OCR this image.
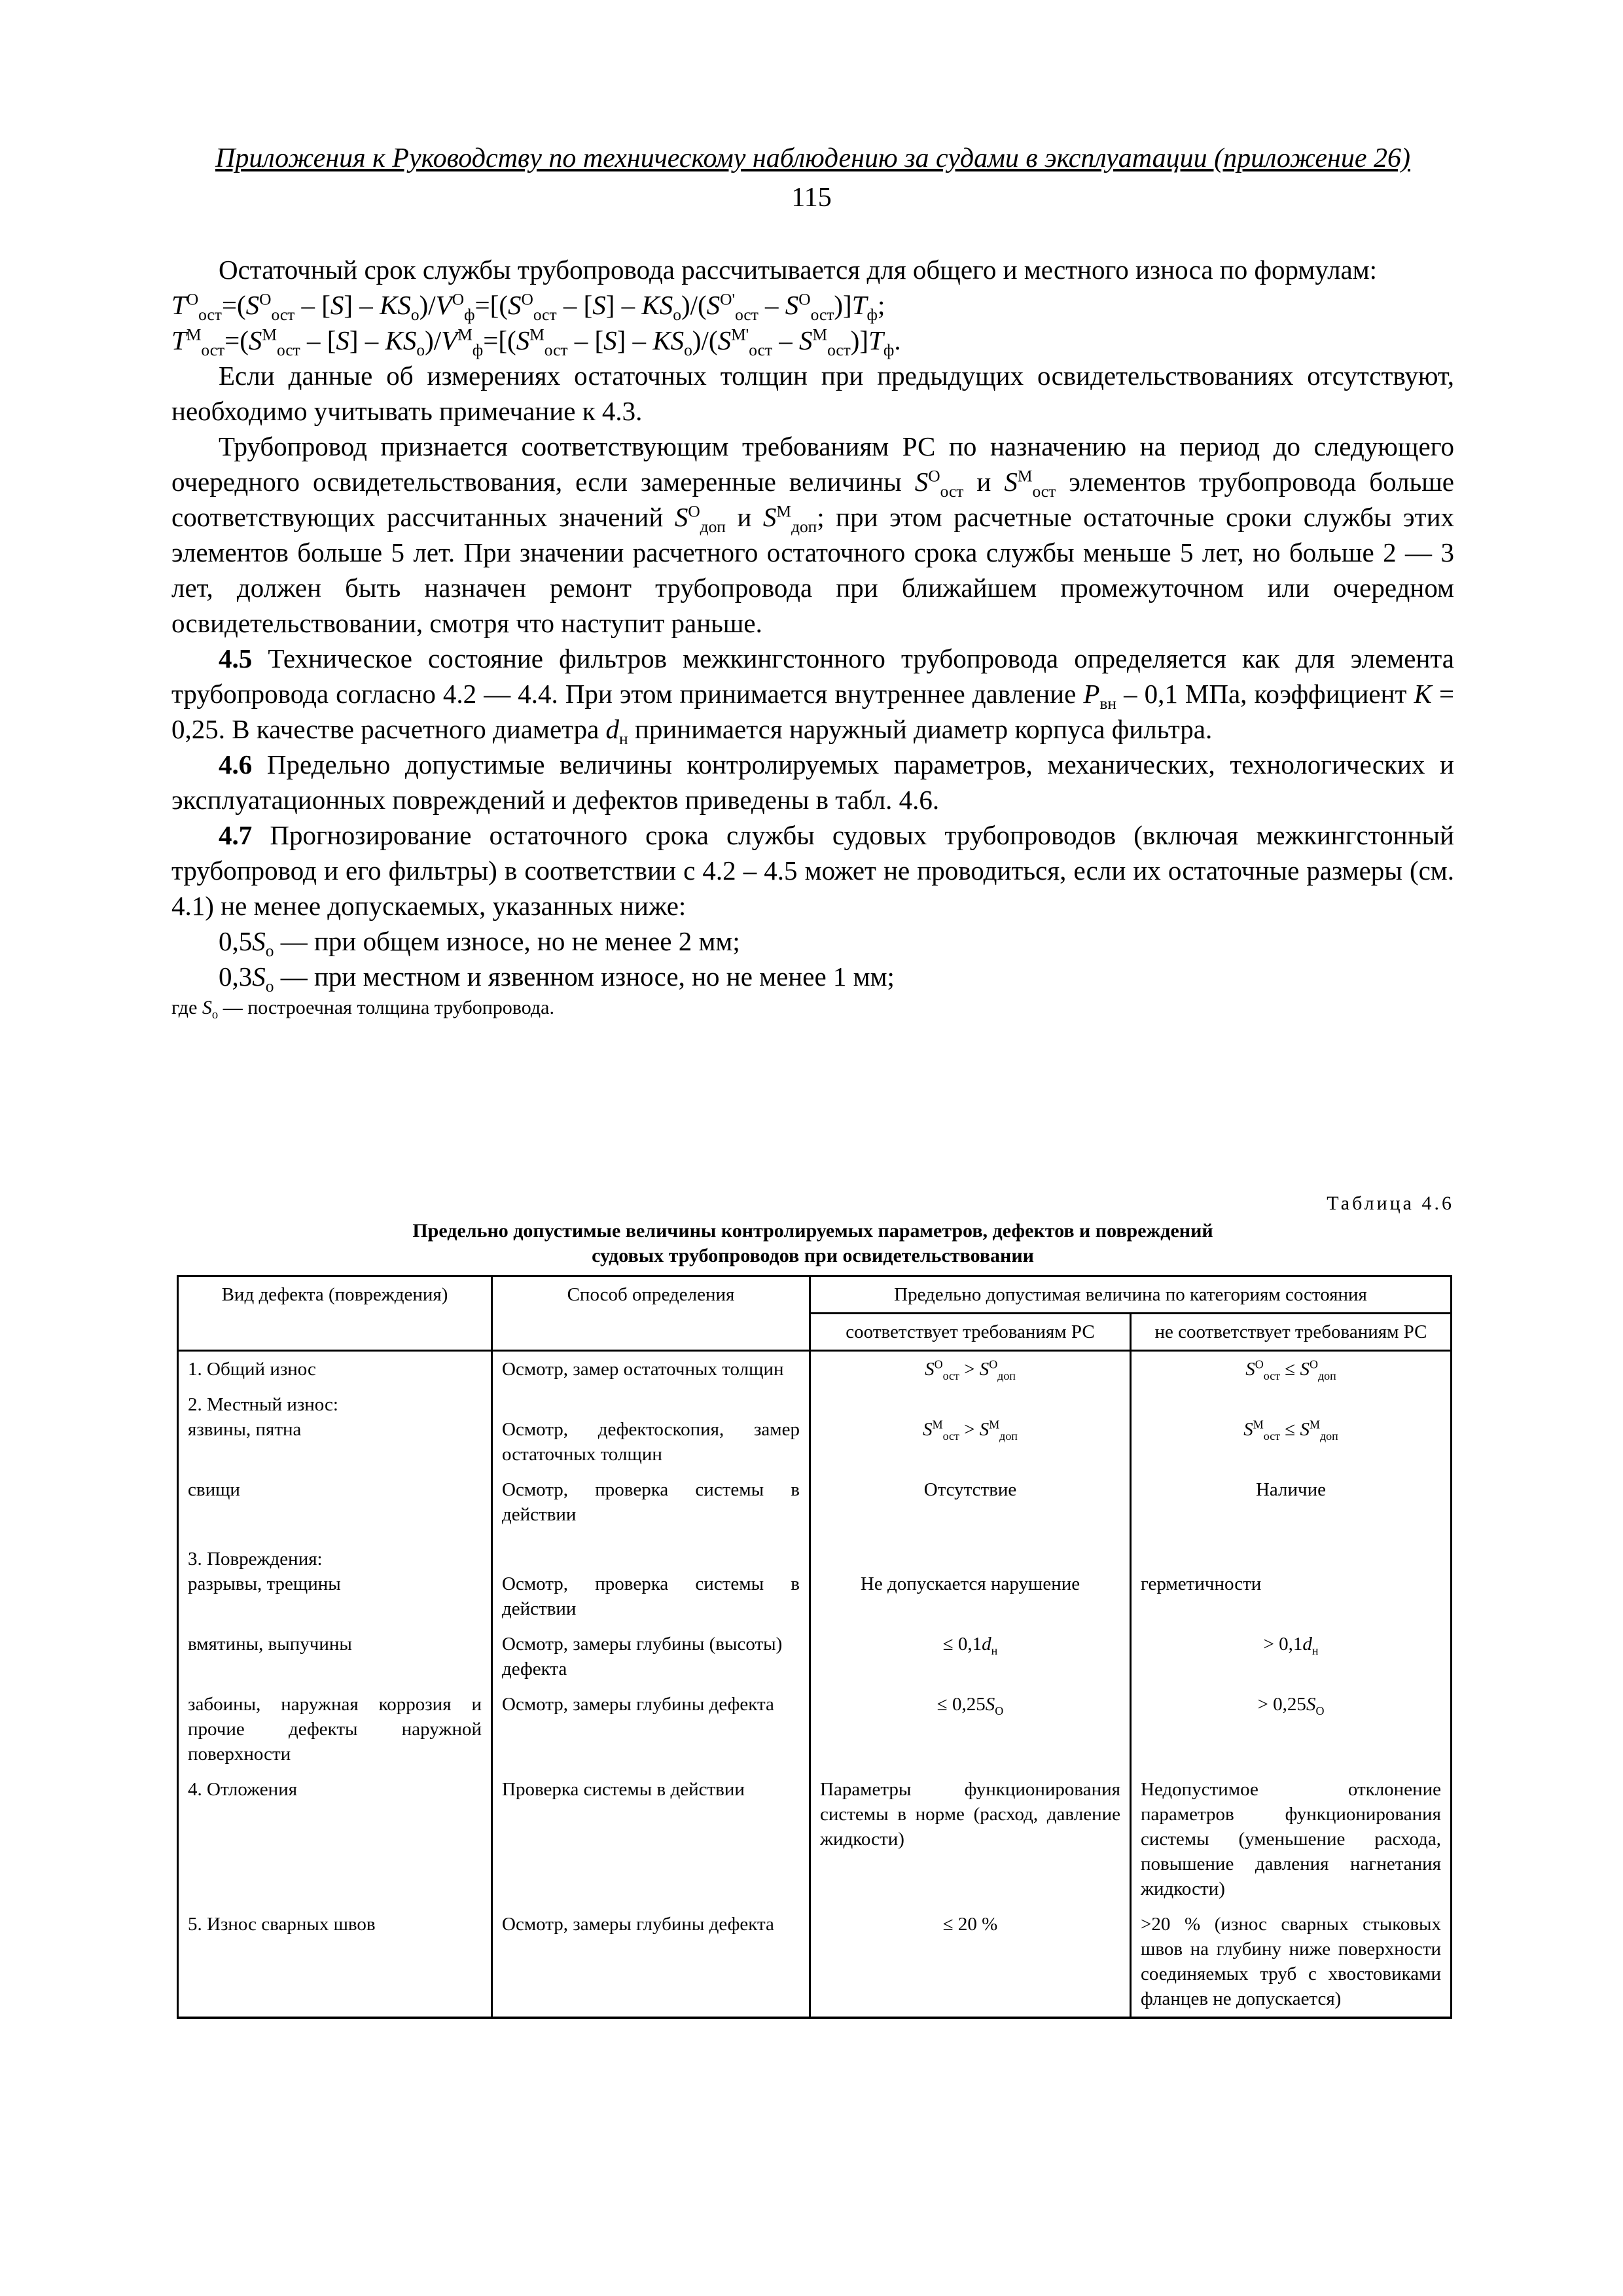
Приложения к Руководству по техническому наблюдению за судами в эксплуатации (приложение 26)
115

Остаточный срок службы трубопровода рассчитывается для общего и местного износа по формулам:

$T^О_{ост}=(S^О_{ост} - [S] - KS_о)/V^О_ф=[(S^О_{ост} - [S] - KS_о)/(S^{О'}_{ост} - S^О_{ост})]T_ф$;

$T^М_{ост}=(S^М_{ост} - [S] - KS_о)/V^М_ф=[(S^М_{ост} - [S] - KS_о)/(S^{М'}_{ост} - S^М_{ост})]T_ф$.

Если данные об измерениях остаточных толщин при предыдущих освидетельствованиях отсутствуют, необходимо учитывать примечание к 4.3.

Трубопровод признается соответствующим требованиям РС по назначению на период до следующего очередного освидетельствования, если замеренные величины $S^О_{ост}$ и $S^М_{ост}$ элементов трубопровода больше соответствующих рассчитанных значений $S^О_{доп}$ и $S^М_{доп}$; при этом расчетные остаточные сроки службы этих элементов больше 5 лет. При значении расчетного остаточного срока службы меньше 5 лет, но больше 2 — 3 лет, должен быть назначен ремонт трубопровода при ближайшем промежуточном или очередном освидетельствовании, смотря что наступит раньше.

4.5 Техническое состояние фильтров межкингстонного трубопровода определяется как для элемента трубопровода согласно 4.2 — 4.4. При этом принимается внутреннее давление $P_{вн} - 0,1$ МПа, коэффициент K = 0,25. В качестве расчетного диаметра $d_н$ принимается наружный диаметр корпуса фильтра.

4.6 Предельно допустимые величины контролируемых параметров, механических, технологических и эксплуатационных повреждений и дефектов приведены в табл. 4.6.

4.7 Прогнозирование остаточного срока службы судовых трубопроводов (включая межкингстонный трубопровод и его фильтры) в соответствии с 4.2 – 4.5 может не проводиться, если их остаточные размеры (см. 4.1) не менее допускаемых, указанных ниже:

$0,5S_о$ — при общем износе, но не менее 2 мм;

$0,3S_о$ — при местном и язвенном износе, но не менее 1 мм;

где $S_о$ — построечная толщина трубопровода.

Таблица 4.6
Предельно допустимые величины контролируемых параметров, дефектов и повреждений
судовых трубопроводов при освидетельствовании
Вид дефекта (повреждения)	Способ определения	Предельно допустимая величина по категориям состояния	
		соответствует требованиям РС	не соответствует требованиям РС
1. Общий износ	Осмотр, замер остаточных толщин	$S^О_{ост} > S^О_{доп}$	$S^О_{ост} \le S^О_{доп}$

2. Местный износ:
язвины, пятна	Осмотр, дефектоскопия, замер остаточных толщин	$S^М_{ост} > S^М_{доп}$	$S^М_{ост} \le S^М_{доп}$
свищи	Осмотр, проверка системы в действии	Отсутствие	Наличие

3. Повреждения:
разрывы, трещины	Осмотр, проверка системы в действии	Не допускается нарушение	герметичности

вмятины, выпучины	Осмотр, замеры глубины (высоты) дефекта	≤ $0,1d_н$	> $0,1d_н$
забоины, наружная коррозия и прочие дефекты наружной поверхности	Осмотр, замеры глубины дефекта	≤ $0,25S_О$	> $0,25S_О$
4. Отложения	Проверка системы в действии	Параметры функционирования системы в норме (расход, давление жидкости)	Недопустимое отклонение параметров функционирования системы (уменьшение расхода, повышение давления нагнетания жидкости)
5. Износ сварных швов	Осмотр, замеры глубины дефекта	≤ 20 %	>20 % (износ сварных стыковых швов на глубину ниже поверхности соединяемых труб с хвостовиками фланцев не допускается)
